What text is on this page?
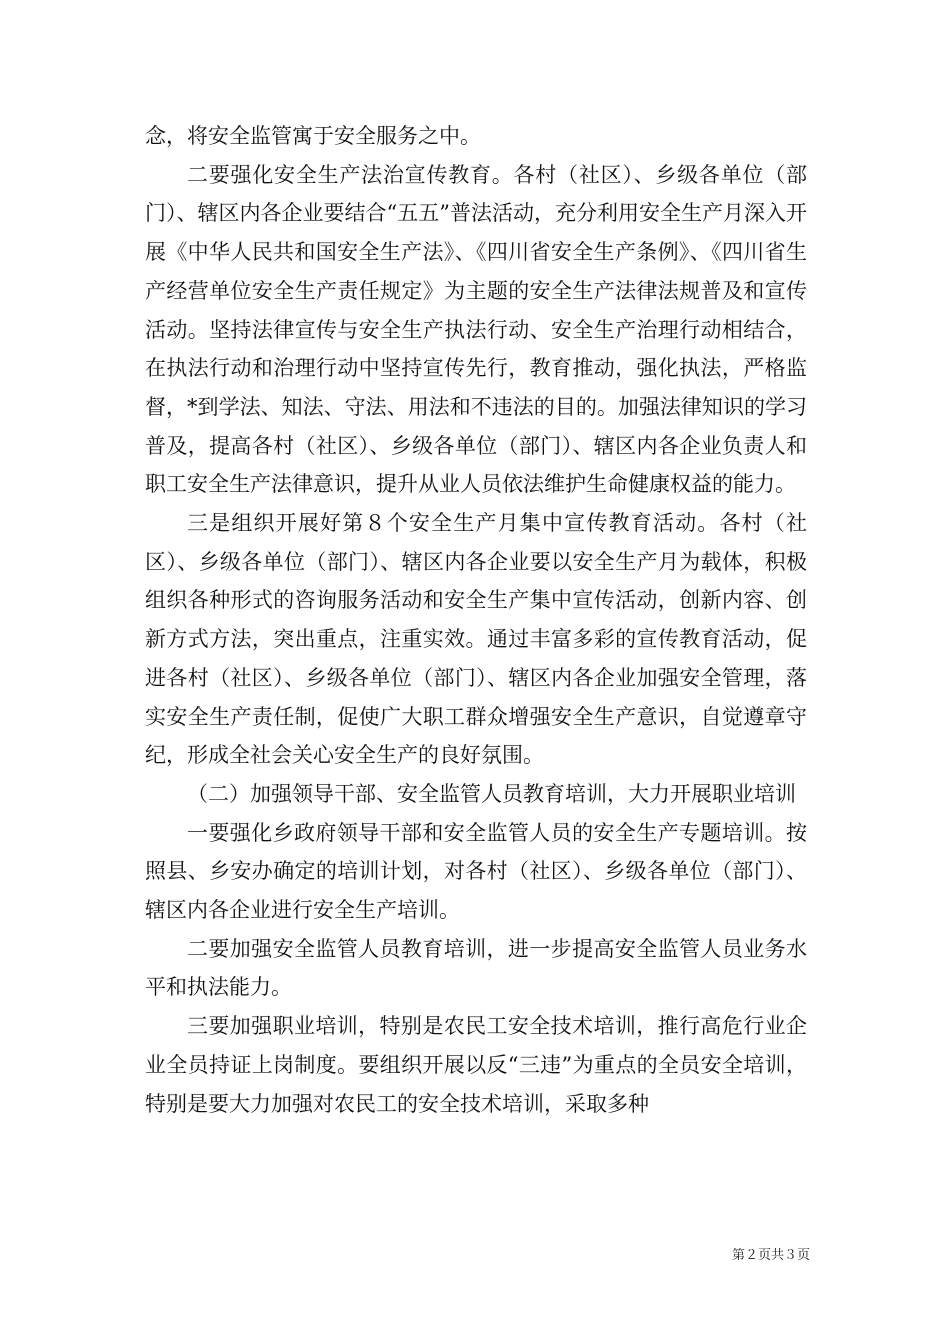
念，将安全监管寓于安全服务之中。

二要强化安全生产法治宣传教育。各村（社区）、乡级各单位（部门）、辖区内各企业要结合“五五”普法活动，充分利用安全生产月深入开展《中华人民共和国安全生产法》、《四川省安全生产条例》、《四川省生产经营单位安全生产责任规定》为主题的安全生产法律法规普及和宣传活动。坚持法律宣传与安全生产执法行动、安全生产治理行动相结合，在执法行动和治理行动中坚持宣传先行，教育推动，强化执法，严格监督，*到学法、知法、守法、用法和不违法的目的。加强法律知识的学习普及，提高各村（社区）、乡级各单位（部门）、辖区内各企业负责人和职工安全生产法律意识，提升从业人员依法维护生命健康权益的能力。

三是组织开展好第８个安全生产月集中宣传教育活动。各村（社区）、乡级各单位（部门）、辖区内各企业要以安全生产月为载体，积极组织各种形式的咨询服务活动和安全生产集中宣传活动，创新内容、创新方式方法，突出重点，注重实效。通过丰富多彩的宣传教育活动，促进各村（社区）、乡级各单位（部门）、辖区内各企业加强安全管理，落实安全生产责任制，促使广大职工群众增强安全生产意识，自觉遵章守纪，形成全社会关心安全生产的良好氛围。

（二）加强领导干部、安全监管人员教育培训，大力开展职业培训

一要强化乡政府领导干部和安全监管人员的安全生产专题培训。按照县、乡安办确定的培训计划，对各村（社区）、乡级各单位（部门）、辖区内各企业进行安全生产培训。

二要加强安全监管人员教育培训，进一步提高安全监管人员业务水平和执法能力。

三要加强职业培训，特别是农民工安全技术培训，推行高危行业企业全员持证上岗制度。要组织开展以反“三违”为重点的全员安全培训，特别是要大力加强对农民工的安全技术培训，采取多种

第２页共３页
